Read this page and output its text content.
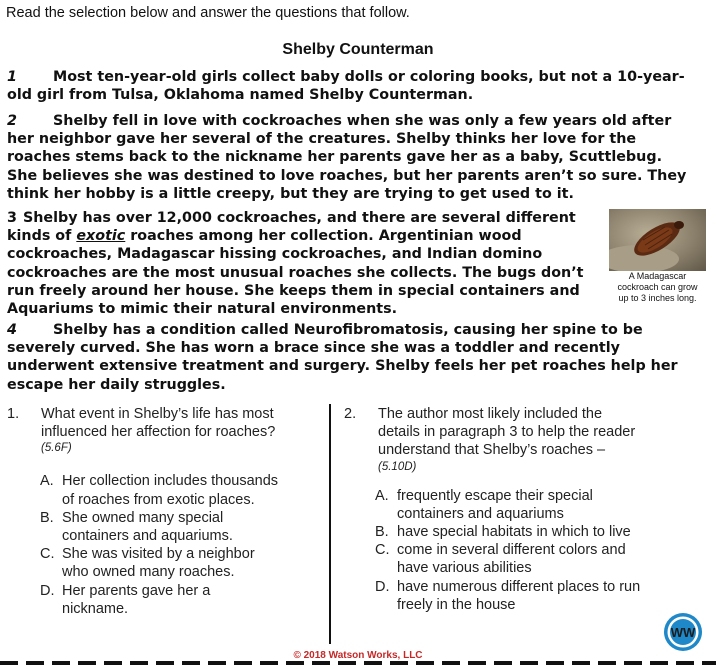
Read the selection below and answer the questions that follow.
Shelby Counterman
1	Most ten-year-old girls collect baby dolls or coloring books, but not a 10-year-
old girl from Tulsa, Oklahoma named Shelby Counterman.
2	Shelby fell in love with cockroaches when she was only a few years old after
her neighbor gave her several of the creatures. Shelby thinks her love for the
roaches stems back to the nickname her parents gave her as a baby, Scuttlebug.
She believes she was destined to love roaches, but her parents aren’t so sure. They
think her hobby is a little creepy, but they are trying to get used to it.
3 Shelby has over 12,000 cockroaches, and there are several different
kinds of exotic roaches among her collection. Argentinian wood
cockroaches, Madagascar hissing cockroaches, and Indian domino
cockroaches are the most unusual roaches she collects. The bugs don’t
run freely around her house. She keeps them in special containers and
Aquariums to mimic their natural environments.
A Madagascar
cockroach can grow
up to 3 inches long.
4	Shelby has a condition called Neurofibromatosis, causing her spine to be
severely curved. She has worn a brace since she was a toddler and recently
underwent extensive treatment and surgery. Shelby feels her pet roaches help her
escape her daily struggles.
1. What event in Shelby’s life has most
influenced her affection for roaches?
(5.6F)
A. Her collection includes thousands
of roaches from exotic places.
B. She owned many special
containers and aquariums.
C. She was visited by a neighbor
who owned many roaches.
D. Her parents gave her a
nickname.
2. The author most likely included the
details in paragraph 3 to help the reader
understand that Shelby’s roaches –
(5.10D)
A. frequently escape their special
containers and aquariums
B. have special habitats in which to live
C. come in several different colors and
have various abilities
D. have numerous different places to run
freely in the house
WW
© 2018 Watson Works, LLC
